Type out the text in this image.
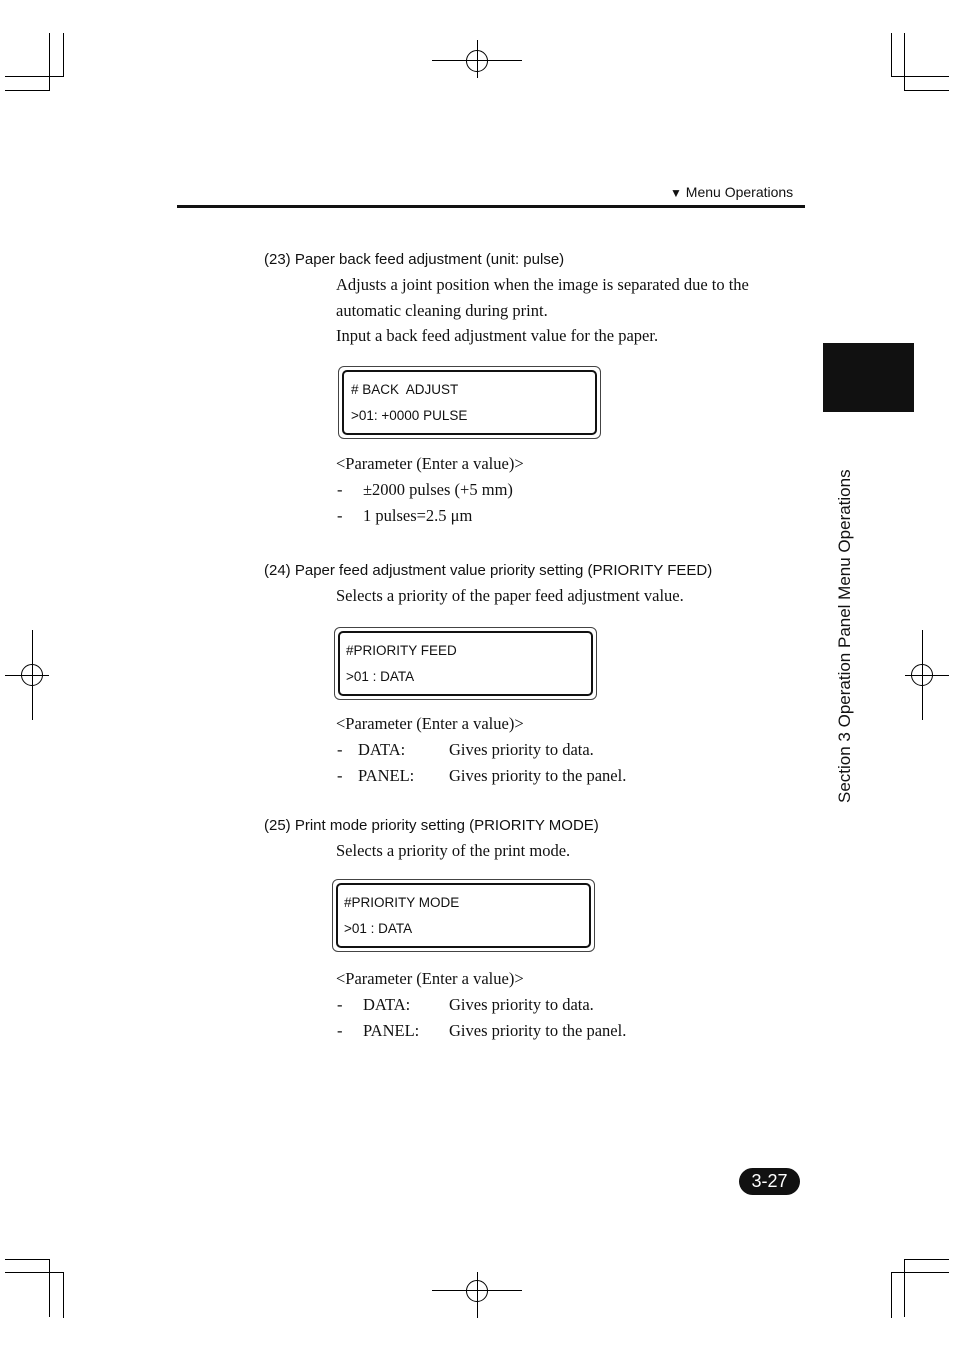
▼ Menu Operations
Section 3 Operation Panel Menu Operations
(23) Paper back feed adjustment (unit: pulse)
Adjusts a joint position when the image is separated due to the
automatic cleaning during print.
Input a back feed adjustment value for the paper.
# BACK  ADJUST
>01: +0000 PULSE
<Parameter (Enter a value)>
- ±2000 pulses (+5 mm)
- 1 pulses=2.5 μm
(24) Paper feed adjustment value priority setting (PRIORITY FEED)
Selects a priority of the paper feed adjustment value.
#PRIORITY FEED
>01 : DATA
<Parameter (Enter a value)>
- DATA:	Gives priority to data.
- PANEL: Gives priority to the panel.
(25) Print mode priority setting (PRIORITY MODE)
Selects a priority of the print mode.
#PRIORITY MODE
>01 : DATA
<Parameter (Enter a value)>
- DATA: Gives priority to data.
- PANEL: Gives priority to the panel.
3-27
